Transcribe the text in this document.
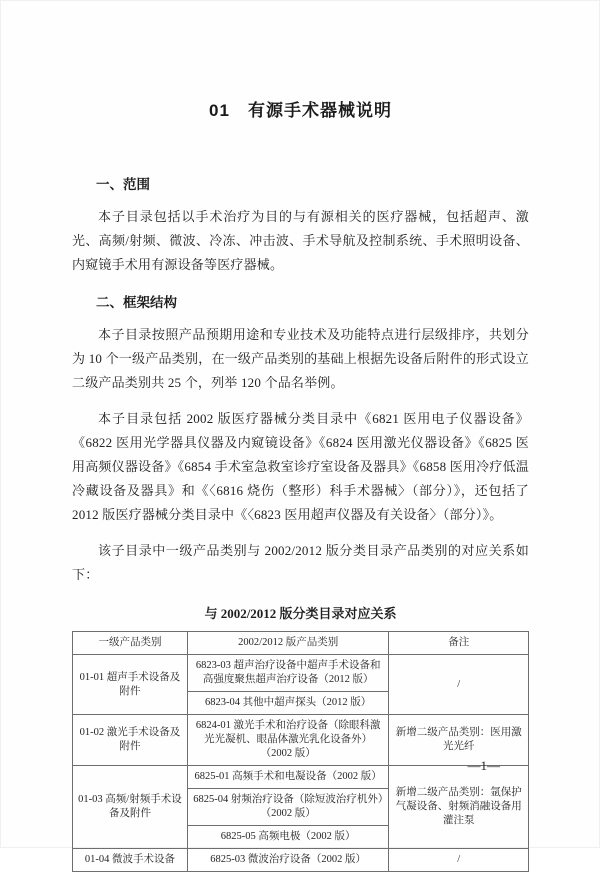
01　有源手术器械说明
一、范围

本子目录包括以手术治疗为目的与有源相关的医疗器械，包括超声、激光、高频/射频、微波、冷冻、冲击波、手术导航及控制系统、手术照明设备、内窥镜手术用有源设备等医疗器械。

二、框架结构

本子目录按照产品预期用途和专业技术及功能特点进行层级排序，共划分为 10 个一级产品类别，在一级产品类别的基础上根据先设备后附件的形式设立二级产品类别共 25 个，列举 120 个品名举例。

本子目录包括 2002 版医疗器械分类目录中《6821 医用电子仪器设备》《6822 医用光学器具仪器及内窥镜设备》《6824 医用激光仪器设备》《6825 医用高频仪器设备》《6854 手术室急救室诊疗室设备及器具》《6858 医用冷疗低温冷藏设备及器具》和《〈6816 烧伤（整形）科手术器械〉（部分）》，还包括了 2012 版医疗器械分类目录中《〈6823 医用超声仪器及有关设备〉（部分）》。

该子目录中一级产品类别与 2002/2012 版分类目录产品类别的对应关系如下：

与 2002/2012 版分类目录对应关系
一级产品类别	2002/2012 版产品类别	备注
01-01 超声手术设备及附件	6823-03 超声治疗设备中超声手术设备和高强度聚焦超声治疗设备（2012 版）	/
	6823-04 其他中超声探头（2012 版）	
01-02 激光手术设备及附件	6824-01 激光手术和治疗设备（除眼科激光光凝机、眼晶体激光乳化设备外）（2002 版）	新增二级产品类别：医用激光光纤
01-03 高频/射频手术设备及附件	6825-01 高频手术和电凝设备（2002 版）	新增二级产品类别：氩保护气凝设备、射频消融设备用灌注泵
	6825-04 射频治疗设备（除短波治疗机外）（2002 版）	
	6825-05 高频电极（2002 版）	
01-04 微波手术设备	6825-03 微波治疗设备（2002 版）	/
—1—
